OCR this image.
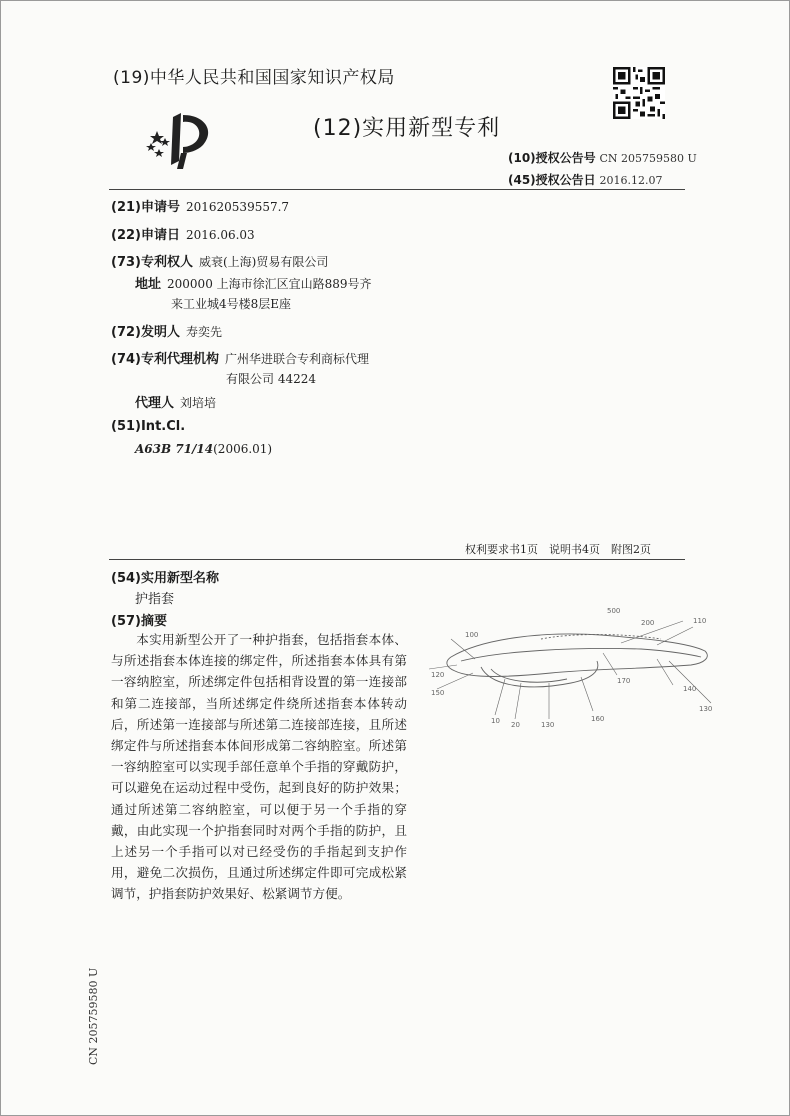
(19)中华人民共和国国家知识产权局
(12)实用新型专利
(10)授权公告号 CN 205759580 U
(45)授权公告日 2016.12.07
(21)申请号 201620539557.7
(22)申请日 2016.06.03
(73)专利权人 威衰(上海)贸易有限公司
地址 200000 上海市徐汇区宜山路889号齐
来工业城4号楼8层E座
(72)发明人 寿奕先
(74)专利代理机构 广州华进联合专利商标代理
有限公司 44224
代理人 刘培培
(51)Int.Cl.
A63B 71/14(2006.01)
权利要求书1页　说明书4页　附图2页
(54)实用新型名称
护指套
(57)摘要
本实用新型公开了一种护指套，包括指套本体、与所述指套本体连接的绑定件，所述指套本体具有第一容纳腔室，所述绑定件包括相背设置的第一连接部和第二连接部，当所述绑定件绕所述指套本体转动后，所述第一连接部与所述第二连接部连接，且所述绑定件与所述指套本体间形成第二容纳腔室。所述第一容纳腔室可以实现手部任意单个手指的穿戴防护，可以避免在运动过程中受伤，起到良好的防护效果；通过所述第二容纳腔室，可以便于另一个手指的穿戴，由此实现一个护指套同时对两个手指的防护，且上述另一个手指可以对已经受伤的手指起到支护作用，避免二次损伤，且通过所述绑定件即可完成松紧调节，护指套防护效果好、松紧调节方便。
500
200	110
170
120
140
130
100
150
160
130
10 20
CN 205759580 U
